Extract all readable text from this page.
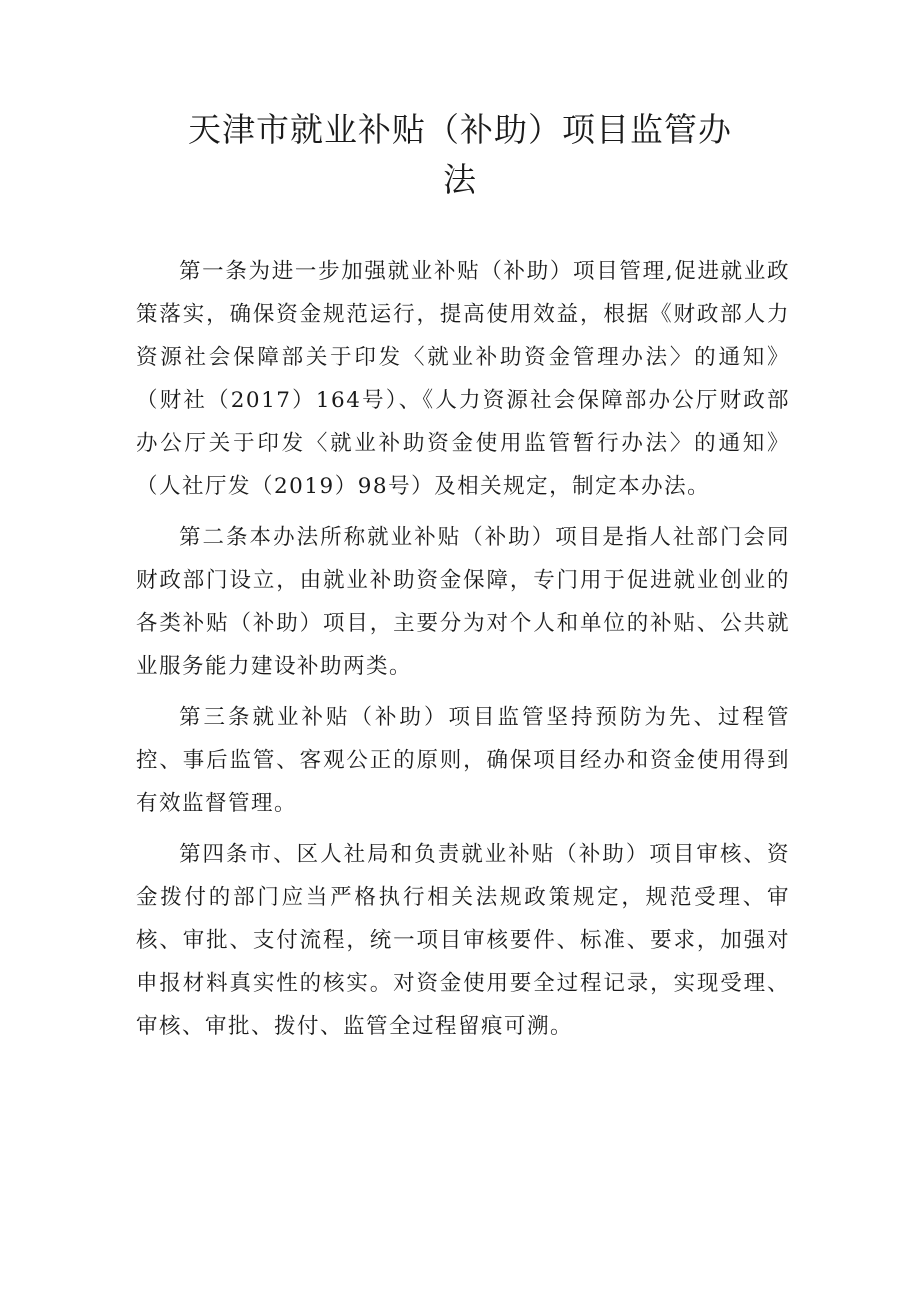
天津市就业补贴（补助）项目监管办
法

第一条为进一步加强就业补贴（补助）项目管理,促进就业政策落实，确保资金规范运行，提高使用效益，根据《财政部人力资源社会保障部关于印发〈就业补助资金管理办法〉的通知》（财社（2017）164号）、《人力资源社会保障部办公厅财政部办公厅关于印发〈就业补助资金使用监管暂行办法〉的通知》（人社厅发（2019）98号）及相关规定，制定本办法。

第二条本办法所称就业补贴（补助）项目是指人社部门会同财政部门设立，由就业补助资金保障，专门用于促进就业创业的各类补贴（补助）项目，主要分为对个人和单位的补贴、公共就业服务能力建设补助两类。

第三条就业补贴（补助）项目监管坚持预防为先、过程管控、事后监管、客观公正的原则，确保项目经办和资金使用得到有效监督管理。

第四条市、区人社局和负责就业补贴（补助）项目审核、资金拨付的部门应当严格执行相关法规政策规定，规范受理、审核、审批、支付流程，统一项目审核要件、标准、要求，加强对申报材料真实性的核实。对资金使用要全过程记录，实现受理、审核、审批、拨付、监管全过程留痕可溯。
